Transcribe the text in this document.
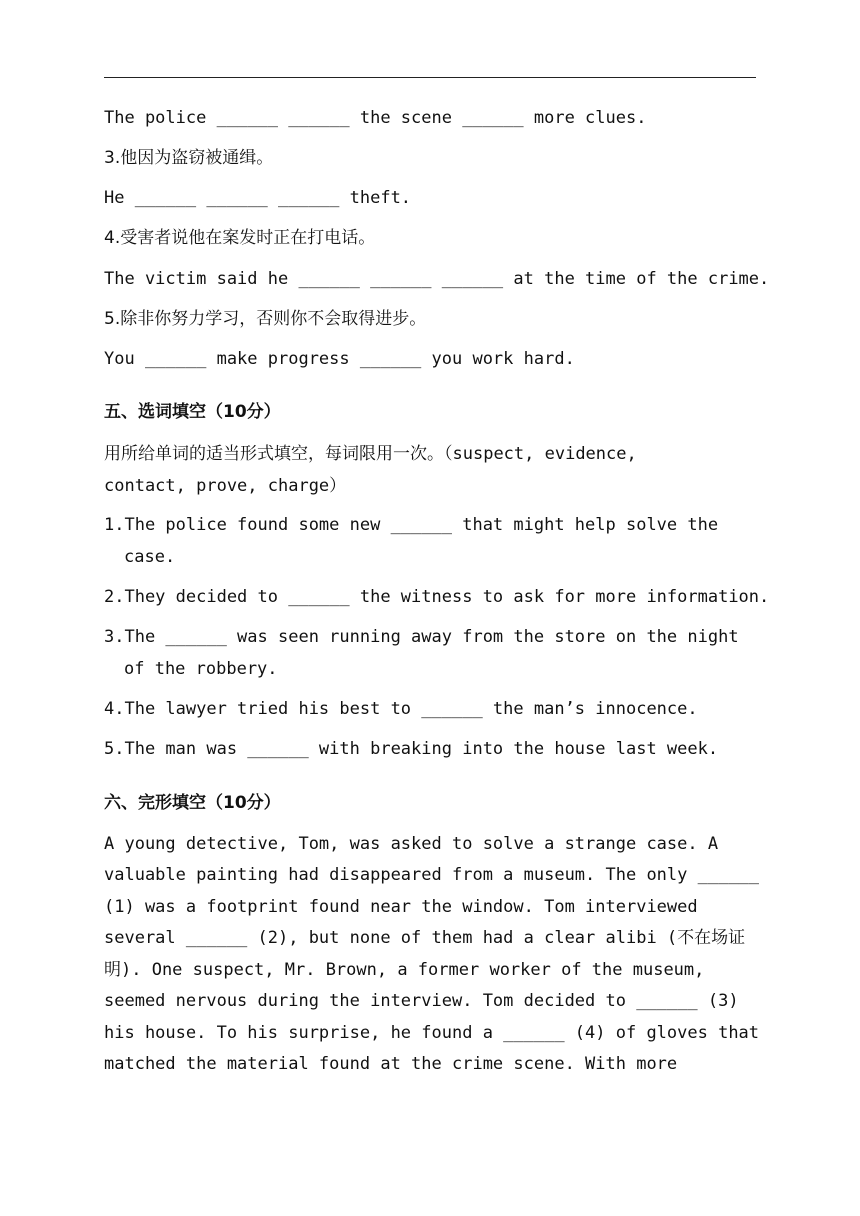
The police ______ ______ the scene ______ more clues.
3.他因为盗窃被通缉。
He ______ ______ ______ theft.
4.受害者说他在案发时正在打电话。
The victim said he ______ ______ ______ at the time of the crime.
5.除非你努力学习，否则你不会取得进步。
You ______ make progress ______ you work hard.
五、选词填空（10分）
用所给单词的适当形式填空，每词限用一次。（suspect, evidence,
contact, prove, charge）
1.The police found some new ______ that might help solve the
case.
2.They decided to ______ the witness to ask for more information.
3.The ______ was seen running away from the store on the night
of the robbery.
4.The lawyer tried his best to ______ the man’s innocence.
5.The man was ______ with breaking into the house last week.
六、完形填空（10分）
A young detective, Tom, was asked to solve a strange case. A
valuable painting had disappeared from a museum. The only ______
(1) was a footprint found near the window. Tom interviewed
several ______ (2), but none of them had a clear alibi (不在场证
明). One suspect, Mr. Brown, a former worker of the museum,
seemed nervous during the interview. Tom decided to ______ (3)
his house. To his surprise, he found a ______ (4) of gloves that
matched the material found at the crime scene. With more
